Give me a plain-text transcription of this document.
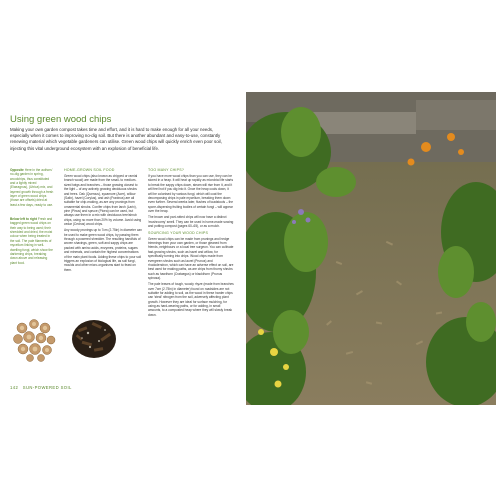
Using green wood chips

Making your own garden compost takes time and effort, and it is hard to make enough for all your needs, especially when it comes to improving no-dig soil. But there is another abundant and easy-to-use, constantly renewing material which vegetable gardeners can utilise. Green wood chips will quickly enrich even poor soil, injecting this vital underground ecosystem with an explosion of beneficial life.

Opposite Here in the authors' no-dig garden in spring, woodchips, thus constituted and a lightly mixed (Elaeagnus), (Utrica) mix, and layered growth through a fresh layer of green wood chips (those are offsets) dried at least a few days, ready to use.

Below left to right Fresh and bagged green wood chips on their way to being used; their shredded and dried, the moist colour when being treated in the soil. The pale filaments of mycelium linking in well-dwelling fungi, which show the darkening chips, breaking down above and releasing plant food.

HOME-GROWN SOIL FOOD

Green wood chips (also known as chipped or ramial branch wood) are made from the small- to medium-sized twigs and branches – those growing closest to the light – of any actively growing deciduous shrubs and trees. Oak (Quercus), sycamore (Acer), willow (Salix), hazel (Corylus), and ash (Fraxinus) are all suitable for chip-making, as are any prunings from ornamental shrubs. Conifer chips from larch (Larix), pine (Pinus) and spruce (Picea) can be used, but always use them in a mix with deciduous tree/shrub chips, using no more than 20% by volume. Avoid using cedar (Cedrus) wood chips.

Any woody prunings up to 7cm (2.75in) in diameter can be used to make green wood chips, by passing them through a powered shredder. The resulting handfuls of woven shavings, green, soft and sappy chips are packed with amino acids, enzymes, proteins, sugars and minerals, and contain the highest concentrations of the main plant foods. Adding these chips to your soil triggers an explosion of biological life, as soil fungi, moulds and other micro-organisms start to feast on them.

TOO MANY CHIPS?

If you have more wood chips than you can use, they can be stored in a heap. It will heat up rapidly as microbial life starts to break the sappy chips down, steam will rise from it, and it will feel hot if you dig into it. Once the heap cools down, it will be colonised by various fungi, which will coat the decomposing chips in pale mycelium, breaking them down even further. Several weeks later, flushes of toadstools – the spore-dispersing fruiting bodies of certain fungi – will appear over the heap.

The brown and part-rotted chips will now have a distinct 'mushroomy' smell. They can be used in home-made sowing and potting compost (pages 60–65), or as a mulch.

SOURCING YOUR WOOD CHIPS

Green wood chips can be made from prunings and hedge trimmings from your own garden, or those gleaned from friends, neighbours or a local tree surgeon. You can cultivate fast-growing shrubs, such as hazel and willow, for specifically turning into chips. Wood chips made from evergreen shrubs such as laurel (Prunus) and rhododendron, which can have an adverse effect on soil, are best used for making paths, as are chips from thorny shrubs such as hawthorn (Crataegus) or blackthorn (Prunus spinosa).

The pale leaves of tough, woody rhyze (made from branches over 7cm (2.75in) in diameter) found on roadsides are not suitable for adding to soil, as the wood in these harder chips can 'steal' nitrogen from the soil, adversely affecting plant growth. However they are ideal for surface mulching, for using as hard-wearing paths, or for adding, in small amounts, to a composted heap where they will slowly break down.

142 SUN-POWERED SOIL
